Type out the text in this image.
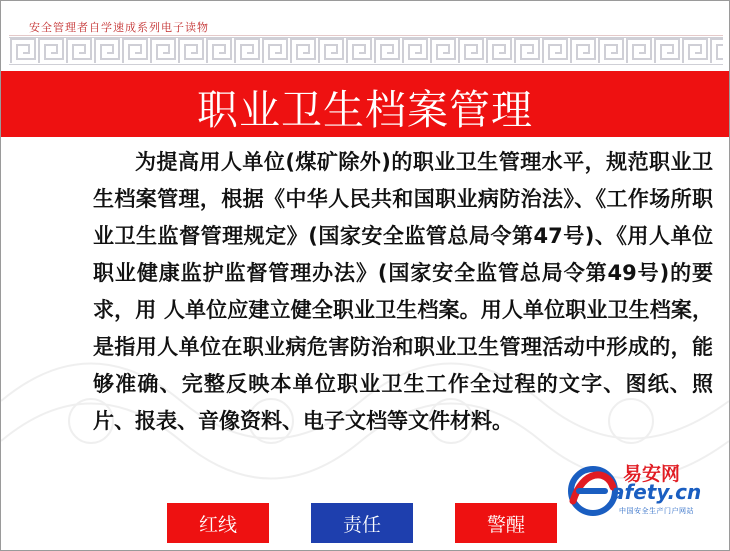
安全管理者自学速成系列电子读物
职业卫生档案管理

为提高用人单位(煤矿除外)的职业卫生管理水平，规范职业卫生档案管理，根据《中华人民共和国职业病防治法》、《工作场所职业卫生监督管理规定》(国家安全监管总局令第47号)、《用人单位职业健康监护监督管理办法》(国家安全监管总局令第49号)的要求，用 人单位应建立健全职业卫生档案。用人单位职业卫生档案，是指用人单位在职业病危害防治和职业卫生管理活动中形成的，能够准确、完整反映本单位职业卫生工作全过程的文字、图纸、照片、报表、音像资料、电子文档等文件材料。

红线	责任	警醒
易安网
afety.cn
中国安全生产门户网站
